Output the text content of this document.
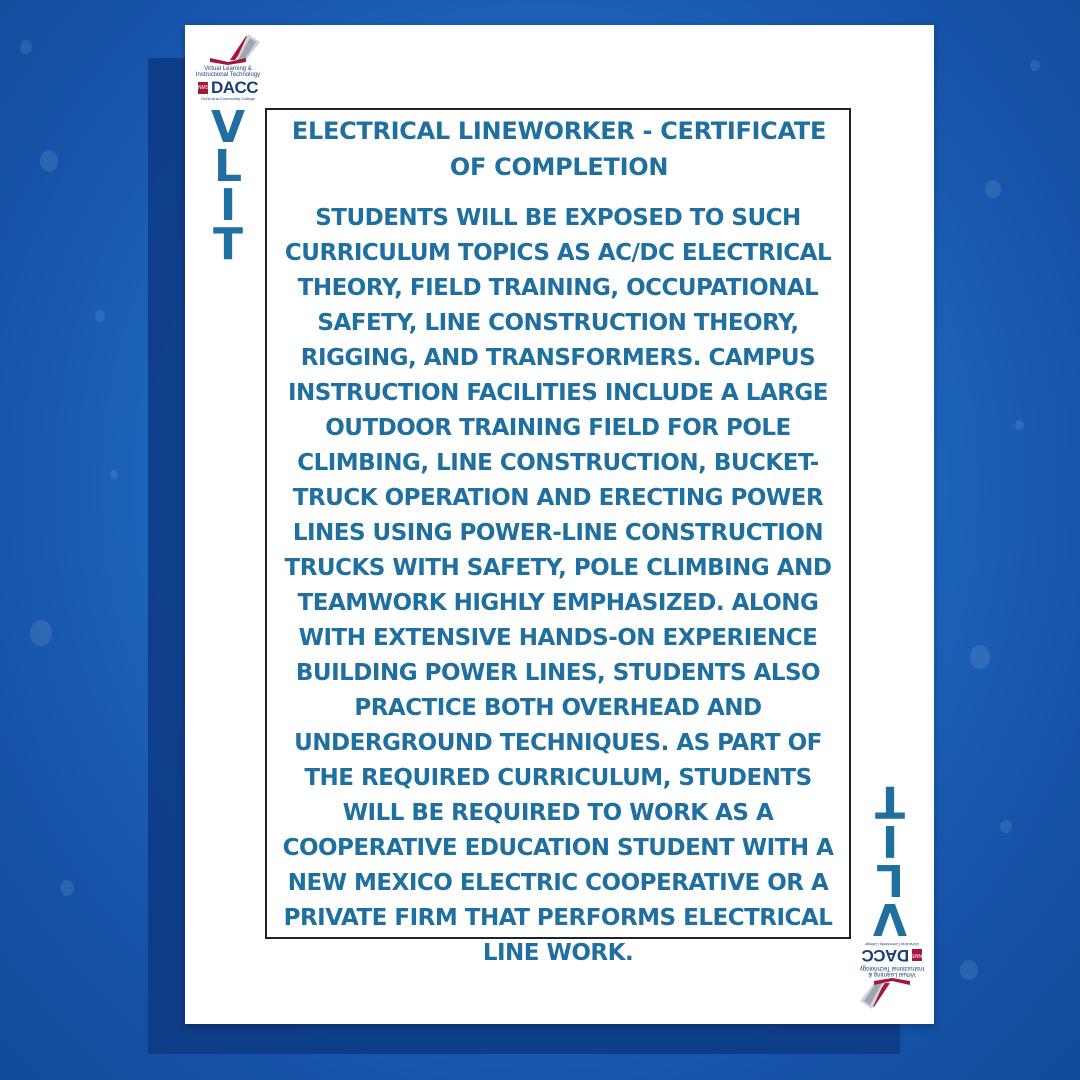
Virtual Learning &
Instructional Technology
NMSU
DACC
Doña Ana Community College
V
L
I
T
ELECTRICAL LINEWORKER - CERTIFICATE OF COMPLETION
STUDENTS WILL BE EXPOSED TO SUCH CURRICULUM TOPICS AS AC/DC ELECTRICAL THEORY, FIELD TRAINING, OCCUPATIONAL SAFETY, LINE CONSTRUCTION THEORY, RIGGING, AND TRANSFORMERS. CAMPUS INSTRUCTION FACILITIES INCLUDE A LARGE OUTDOOR TRAINING FIELD FOR POLE CLIMBING, LINE CONSTRUCTION, BUCKET-TRUCK OPERATION AND ERECTING POWER LINES USING POWER-LINE CONSTRUCTION TRUCKS WITH SAFETY, POLE CLIMBING AND TEAMWORK HIGHLY EMPHASIZED. ALONG WITH EXTENSIVE HANDS-ON EXPERIENCE BUILDING POWER LINES, STUDENTS ALSO PRACTICE BOTH OVERHEAD AND UNDERGROUND TECHNIQUES. AS PART OF THE REQUIRED CURRICULUM, STUDENTS WILL BE REQUIRED TO WORK AS A COOPERATIVE EDUCATION STUDENT WITH A NEW MEXICO ELECTRIC COOPERATIVE OR A PRIVATE FIRM THAT PERFORMS ELECTRICAL LINE WORK.
V
L
I
T
Virtual Learning &
Instructional Technology
NMSU
DACC
Doña Ana Community College
